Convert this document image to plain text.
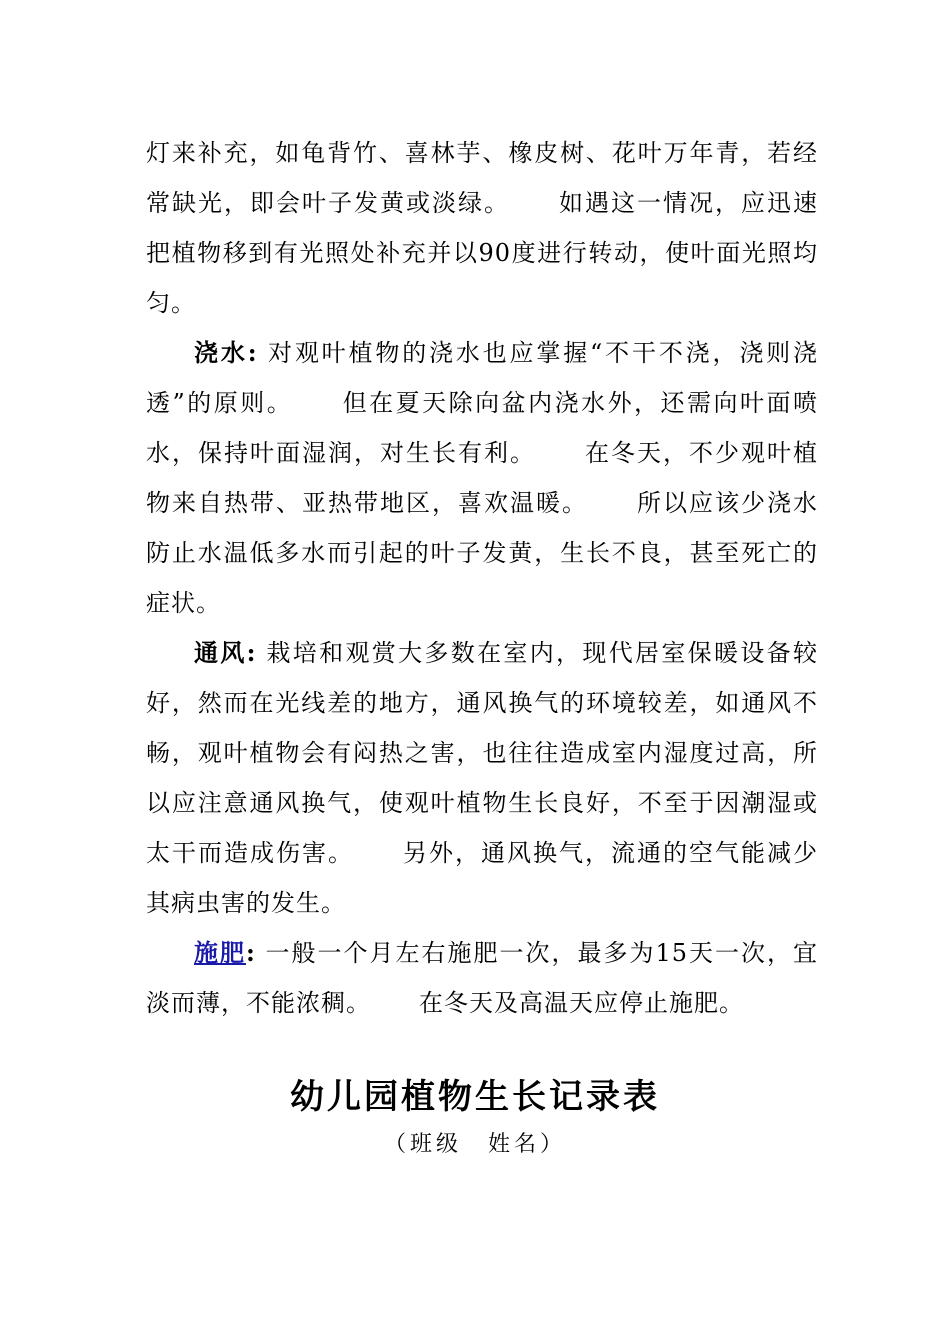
灯来补充，如龟背竹、喜林芋、橡皮树、花叶万年青，若经常缺光，即会叶子发黄或淡绿。 如遇这一情况，应迅速把植物移到有光照处补充并以90度进行转动，使叶面光照均匀。

浇水: 对观叶植物的浇水也应掌握“不干不浇，浇则浇透”的原则。 但在夏天除向盆内浇水外，还需向叶面喷水，保持叶面湿润，对生长有利。 在冬天，不少观叶植物来自热带、亚热带地区，喜欢温暖。 所以应该少浇水防止水温低多水而引起的叶子发黄，生长不良，甚至死亡的症状。

通风: 栽培和观赏大多数在室内，现代居室保暖设备较好，然而在光线差的地方，通风换气的环境较差，如通风不畅，观叶植物会有闷热之害，也往往造成室内湿度过高，所以应注意通风换气，使观叶植物生长良好，不至于因潮湿或太干而造成伤害。 另外，通风换气，流通的空气能减少其病虫害的发生。

施肥: 一般一个月左右施肥一次，最多为15天一次，宜淡而薄，不能浓稠。 在冬天及高温天应停止施肥。

幼儿园植物生长记录表

（班级　姓名）
